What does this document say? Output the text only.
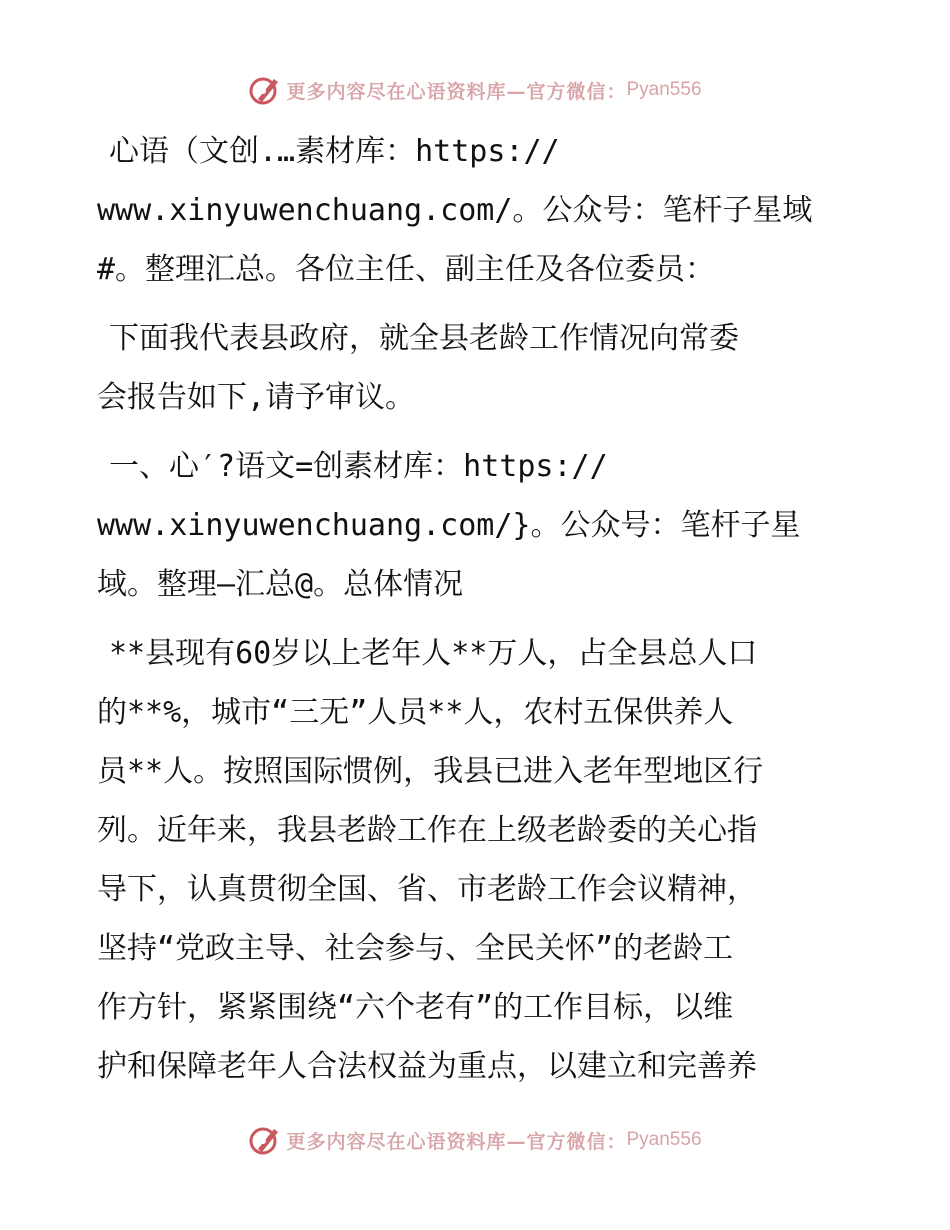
更多内容尽在心语资料库—官方微信： Pyan556

心语（文创.…素材库：https://
www.xinyuwenchuang.com/。公众号：笔杆子星域
#。整理汇总。各位主任、副主任及各位委员：

下面我代表县政府，就全县老龄工作情况向常委
会报告如下,请予审议。

一、心′?语文=创素材库：https://
www.xinyuwenchuang.com/}。公众号：笔杆子星
域。整理—汇总@。总体情况

**县现有60岁以上老年人**万人，占全县总人口
的**%，城市“三无”人员**人，农村五保供养人
员**人。按照国际惯例，我县已进入老年型地区行
列。近年来，我县老龄工作在上级老龄委的关心指
导下，认真贯彻全国、省、市老龄工作会议精神，
坚持“党政主导、社会参与、全民关怀”的老龄工
作方针，紧紧围绕“六个老有”的工作目标，以维
护和保障老年人合法权益为重点，以建立和完善养

更多内容尽在心语资料库—官方微信： Pyan556
